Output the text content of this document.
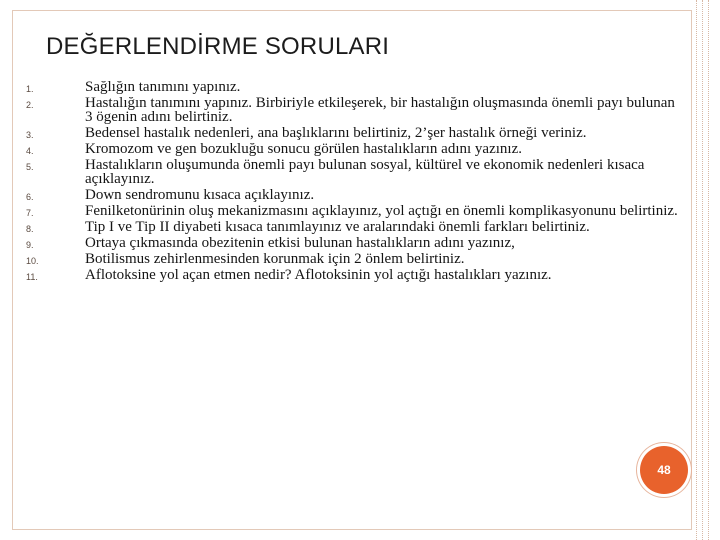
DEĞERLENDİRME SORULARI
1.	Sağlığın tanımını yapınız.
2.	Hastalığın tanımını yapınız. Birbiriyle etkileşerek, bir hastalığın oluşmasında önemli payı bulunan 3 ögenin adını belirtiniz.
3.	Bedensel hastalık nedenleri, ana başlıklarını belirtiniz, 2’şer hastalık örneği veriniz.
4.	Kromozom ve gen bozukluğu sonucu görülen hastalıkların adını yazınız.
5.	Hastalıkların oluşumunda önemli payı bulunan sosyal, kültürel ve ekonomik nedenleri kısaca açıklayınız.
6.	Down sendromunu kısaca açıklayınız.
7.	Fenilketonürinin oluş mekanizmasını açıklayınız, yol açtığı en önemli komplikasyonunu belirtiniz.
8.	Tip I ve Tip II diyabeti kısaca tanımlayınız ve aralarındaki önemli farkları belirtiniz.
9.	Ortaya çıkmasında obezitenin etkisi bulunan hastalıkların adını yazınız,
10.	Botilismus zehirlenmesinden korunmak için 2 önlem belirtiniz.
11.	Aflotoksine yol açan etmen nedir? Aflotoksinin yol açtığı hastalıkları yazınız.
48
